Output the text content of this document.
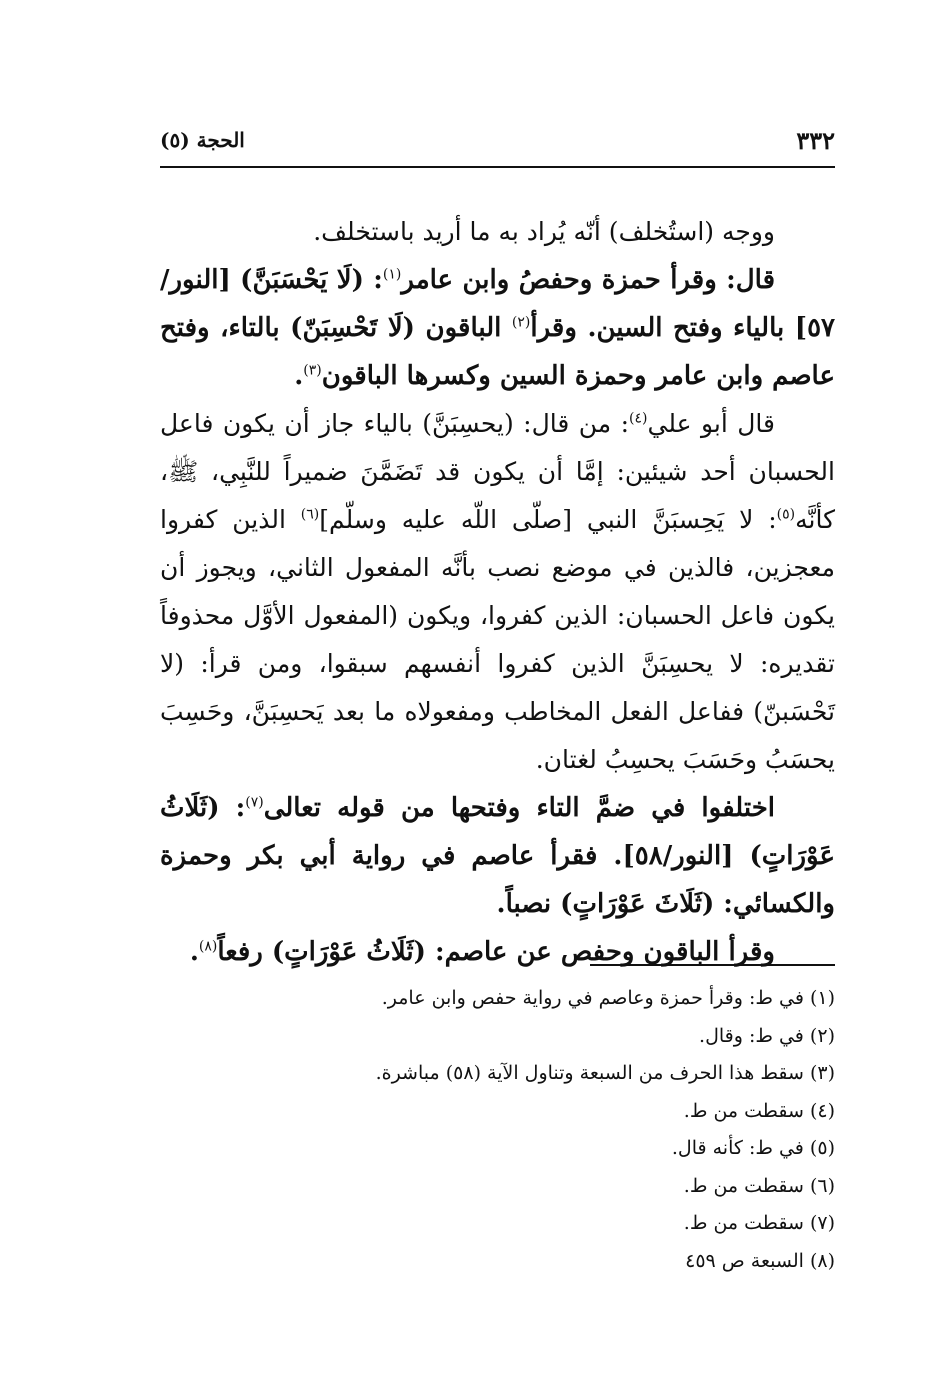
٣٣٢
الحجة (٥)

ووجه (استُخلف) أنّه يُراد به ما أريد باستخلف.

قال: وقرأ حمزة وحفصُ وابن عامر$^{(١)}$: (لَا يَحْسَبَنَّ) [النور/٥٧] بالياء وفتح السين. وقرأ$^{(٢)}$ الباقون (لَا تَحْسِبَنّ) بالتاء، وفتح عاصم وابن عامر وحمزة السين وكسرها الباقون$^{(٣)}$.

قال أبو علي$^{(٤)}$: من قال: (يحسِبَنَّ) بالياء جاز أن يكون فاعل الحسبان أحد شيئين: إمَّا أن يكون قد تَضَمَّنَ ضميراً للنَّبِي، ﷺ، كأنَّه$^{(٥)}$: لا يَحِسبَنَّ النبي [صلّى اللّه عليه وسلّم]$^{(٦)}$ الذين كفروا معجزين، فالذين في موضع نصب بأنَّه المفعول الثاني، ويجوز أن يكون فاعل الحسبان: الذين كفروا، ويكون (المفعول الأوَّل محذوفاً تقديره: لا يحسِبَنَّ الذين كفروا أنفسهم سبقوا، ومن قرأ: (لا تَحْسَبنّ) ففاعل الفعل المخاطب ومفعولاه ما بعد يَحسِبَنَّ، وحَسِبَ يحسَبُ وحَسَبَ يحسِبُ لغتان.

اختلفوا في ضمَّ التاء وفتحها من قوله تعالى$^{(٧)}$: (ثَلَاثُ عَوْرَاتٍ) [النور/٥٨]. فقرأ عاصم في رواية أبي بكر وحمزة والكسائي: (ثَلَاثَ عَوْرَاتٍ) نصباً.

وقرأ الباقون وحفص عن عاصم: (ثَلَاثُ عَوْرَاتٍ) رفعاً$^{(٨)}$.

(١) في ط: وقرأ حمزة وعاصم في رواية حفص وابن عامر.
(٢) في ط: وقال.
(٣) سقط هذا الحرف من السبعة وتناول الآية (٥٨) مباشرة.
(٤) سقطت من ط.
(٥) في ط: كأنه قال.
(٦) سقطت من ط.
(٧) سقطت من ط.
(٨) السبعة ص ٤٥٩
